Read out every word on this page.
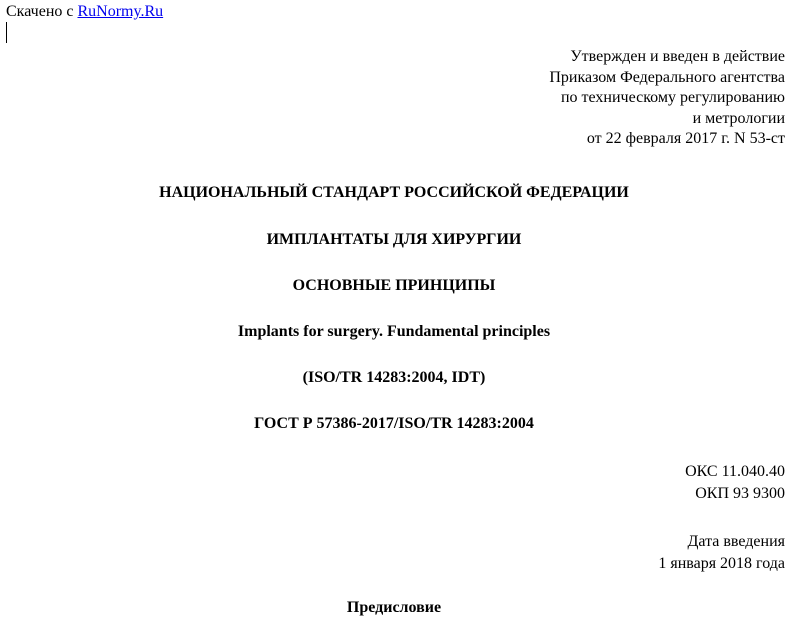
Скачено с RuNormy.Ru
Утвержден и введен в действие
Приказом Федерального агентства
по техническому регулированию
и метрологии
от 22 февраля 2017 г. N 53-ст
НАЦИОНАЛЬНЫЙ СТАНДАРТ РОССИЙСКОЙ ФЕДЕРАЦИИ
ИМПЛАНТАТЫ ДЛЯ ХИРУРГИИ
ОСНОВНЫЕ ПРИНЦИПЫ
Implants for surgery. Fundamental principles
(ISO/TR 14283:2004, IDT)
ГОСТ Р 57386-2017/ISO/TR 14283:2004
ОКС 11.040.40
ОКП 93 9300
Дата введения
1 января 2018 года
Предисловие
